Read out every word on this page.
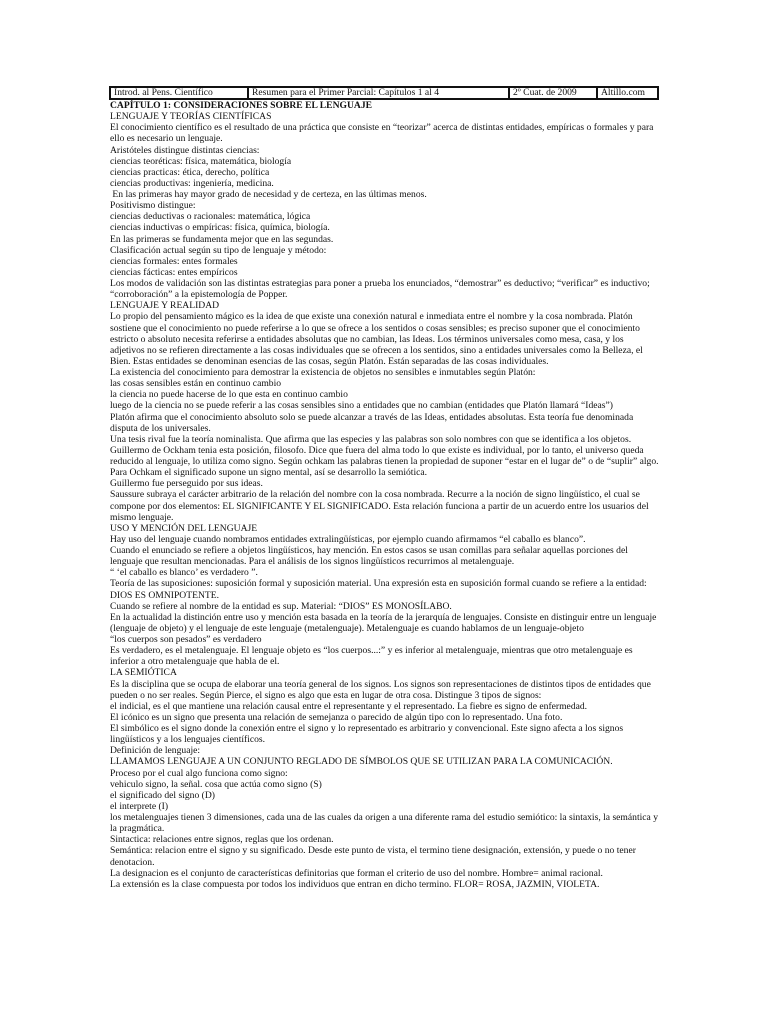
Introd. al Pens. Científico	Resumen para el Primer Parcial: Capítulos 1 al 4	2º Cuat. de 2009	Altillo.com

CAPÍTULO 1: CONSIDERACIONES SOBRE EL LENGUAJE

LENGUAJE Y TEORÍAS CIENTÍFICAS

El conocimiento científico es el resultado de una práctica que consiste en “teorizar” acerca de distintas entidades, empíricas o formales y para ello es necesario un lenguaje.

Aristóteles distingue distintas ciencias:

ciencias teoréticas: física, matemática, biología

ciencias practicas: ética, derecho, política

ciencias productivas: ingeniería, medicina.

En las primeras hay mayor grado de necesidad y de certeza, en las últimas menos.

Positivismo distingue:

ciencias deductivas o racionales: matemática, lógica

ciencias inductivas o empíricas: física, química, biología.

En las primeras se fundamenta mejor que en las segundas.

Clasificación actual según su tipo de lenguaje y método:

ciencias formales: entes formales

ciencias fácticas: entes empíricos

Los modos de validación son las distintas estrategias para poner a prueba los enunciados, “demostrar” es deductivo; “verificar” es inductivo; “corroboración” a la epistemología de Popper.

LENGUAJE Y REALIDAD

Lo propio del pensamiento mágico es la idea de que existe una conexión natural e inmediata entre el nombre y la cosa nombrada. Platón sostiene que el conocimiento no puede referirse a lo que se ofrece a los sentidos o cosas sensibles; es preciso suponer que el conocimiento estricto o absoluto necesita referirse a entidades absolutas que no cambian, las Ideas. Los términos universales como mesa, casa, y los adjetivos no se refieren directamente a las cosas individuales que se ofrecen a los sentidos, sino a entidades universales como la Belleza, el Bien. Estas entidades se denominan esencias de las cosas, según Platón. Están separadas de las cosas individuales.

La existencia del conocimiento para demostrar la existencia de objetos no sensibles e inmutables según Platón:

las cosas sensibles están en continuo cambio

la ciencia no puede hacerse de lo que esta en continuo cambio

luego de la ciencia no se puede referir a las cosas sensibles sino a entidades que no cambian (entidades que Platón llamará “Ideas”)

Platón afirma que el conocimiento absoluto solo se puede alcanzar a través de las Ideas, entidades absolutas. Esta teoría fue denominada disputa de los universales.

Una tesis rival fue la teoría nominalista. Que afirma que las especies y las palabras son solo nombres con que se identifica a los objetos. Guillermo de Ockham tenia esta posición, filosofo. Dice que fuera del alma todo lo que existe es individual, por lo tanto, el universo queda reducido al lenguaje, lo utiliza como signo. Según ochkam las palabras tienen la propiedad de suponer “estar en el lugar de” o de “suplir” algo. Para Ochkam el significado supone un signo mental, así se desarrollo la semiótica.

Guillermo fue perseguido por sus ideas.

Saussure subraya el carácter arbitrario de la relación del nombre con la cosa nombrada. Recurre a la noción de signo lingüístico, el cual se compone por dos elementos: EL SIGNIFICANTE Y EL SIGNIFICADO. Esta relación funciona a partir de un acuerdo entre los usuarios del mismo lenguaje.

USO Y MENCIÓN DEL LENGUAJE

Hay uso del lenguaje cuando nombramos entidades extralingüísticas, por ejemplo cuando afirmamos “el caballo es blanco”.

Cuando el enunciado se refiere a objetos lingüísticos, hay mención. En estos casos se usan comillas para señalar aquellas porciones del lenguaje que resultan mencionadas. Para el análisis de los signos lingüísticos recurrimos al metalenguaje.

“ ‘el caballo es blanco’ es verdadero ”.

Teoría de las suposiciones: suposición formal y suposición material. Una expresión esta en suposición formal cuando se refiere a la entidad: DIOS ES OMNIPOTENTE.

Cuando se refiere al nombre de la entidad es sup. Material: “DIOS” ES MONOSÍLABO.

En la actualidad la distinción entre uso y mención esta basada en la teoría de la jerarquía de lenguajes. Consiste en distinguir entre un lenguaje (lenguaje de objeto) y el lenguaje de este lenguaje (metalenguaje). Metalenguaje es cuando hablamos de un lenguaje-objeto

“los cuerpos son pesados” es verdadero

Es verdadero, es el metalenguaje. El lenguaje objeto es “los cuerpos...:” y es inferior al metalenguaje, mientras que otro metalenguaje es inferior a otro metalenguaje que habla de el.

LA SEMIÓTICA

Es la disciplina que se ocupa de elaborar una teoría general de los signos. Los signos son representaciones de distintos tipos de entidades que pueden o no ser reales. Según Pierce, el signo es algo que esta en lugar de otra cosa. Distingue 3 tipos de signos:

el indicial, es el que mantiene una relación causal entre el representante y el representado. La fiebre es signo de enfermedad.

El icónico es un signo que presenta una relación de semejanza o parecido de algún tipo con lo representado. Una foto.

El simbólico es el signo donde la conexión entre el signo y lo representado es arbitrario y convencional. Este signo afecta a los signos lingüísticos y a los lenguajes científicos.

Definición de lenguaje:

LLAMAMOS LENGUAJE A UN CONJUNTO REGLADO DE SÍMBOLOS QUE SE UTILIZAN PARA LA COMUNICACIÓN.

Proceso por el cual algo funciona como signo:

vehiculo signo, la señal. cosa que actúa como signo (S)

el significado del signo (D)

el interprete (I)

los metalenguajes tienen 3 dimensiones, cada una de las cuales da origen a una diferente rama del estudio semiótico: la sintaxis, la semántica y la pragmática.

Sintactica: relaciones entre signos, reglas que los ordenan.

Semántica: relacion entre el signo y su significado. Desde este punto de vista, el termino tiene designación, extensión, y puede o no tener denotacion.

La designacion es el conjunto de características definitorias que forman el criterio de uso del nombre. Hombre= animal racional.

La extensión es la clase compuesta por todos los individuos que entran en dicho termino. FLOR= ROSA, JAZMIN, VIOLETA.
